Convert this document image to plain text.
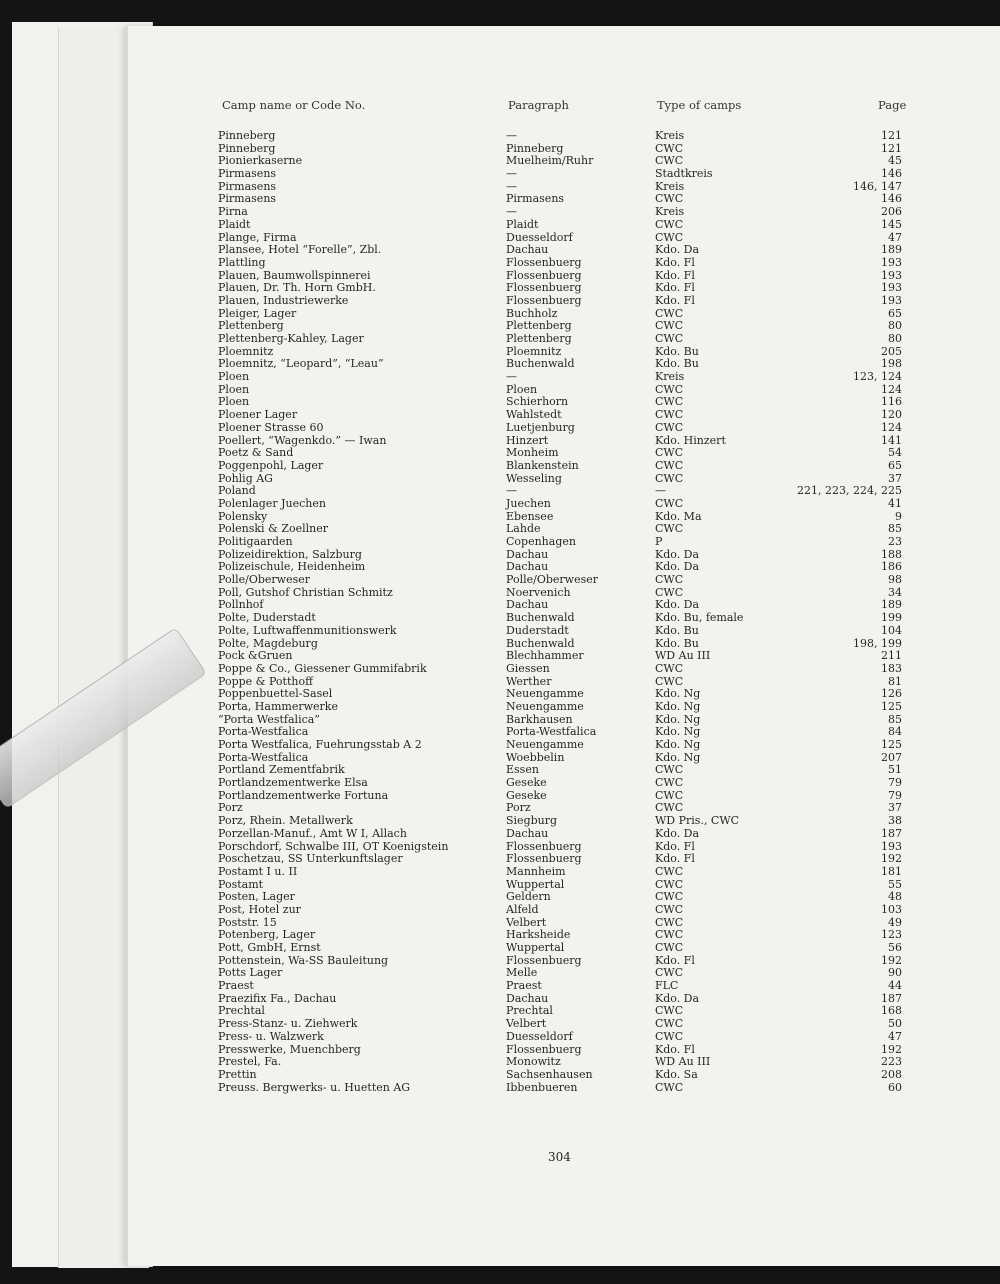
Camp name or Code No.	Paragraph	Type of camps	Page
Pinneberg	—	Kreis	121
Pinneberg	Pinneberg	CWC	121
Pionierkaserne	Muelheim/Ruhr	CWC	45
Pirmasens	—	Stadtkreis	146
Pirmasens	—	Kreis	146, 147
Pirmasens	Pirmasens	CWC	146
Pirna	—	Kreis	206
Plaidt	Plaidt	CWC	145
Plange, Firma	Duesseldorf	CWC	47
Plansee, Hotel “Forelle”, Zbl.	Dachau	Kdo. Da	189
Plattling	Flossenbuerg	Kdo. Fl	193
Plauen, Baumwollspinnerei	Flossenbuerg	Kdo. Fl	193
Plauen, Dr. Th. Horn GmbH.	Flossenbuerg	Kdo. Fl	193
Plauen, Industriewerke	Flossenbuerg	Kdo. Fl	193
Pleiger, Lager	Buchholz	CWC	65
Plettenberg	Plettenberg	CWC	80
Plettenberg-Kahley, Lager	Plettenberg	CWC	80
Ploemnitz	Ploemnitz	Kdo. Bu	205
Ploemnitz, “Leopard”, “Leau”	Buchenwald	Kdo. Bu	198
Ploen	—	Kreis	123, 124
Ploen	Ploen	CWC	124
Ploen	Schierhorn	CWC	116
Ploener Lager	Wahlstedt	CWC	120
Ploener Strasse 60	Luetjenburg	CWC	124
Poellert, “Wagenkdo.” — Iwan	Hinzert	Kdo. Hinzert	141
Poetz & Sand	Monheim	CWC	54
Poggenpohl, Lager	Blankenstein	CWC	65
Pohlig AG	Wesseling	CWC	37
Poland	—	—	221, 223, 224, 225
Polenlager Juechen	Juechen	CWC	41
Polensky	Ebensee	Kdo. Ma	9
Polenski & Zoellner	Lahde	CWC	85
Politigaarden	Copenhagen	P	23
Polizeidirektion, Salzburg	Dachau	Kdo. Da	188
Polizeischule, Heidenheim	Dachau	Kdo. Da	186
Polle/Oberweser	Polle/Oberweser	CWC	98
Poll, Gutshof Christian Schmitz	Noervenich	CWC	34
Pollnhof	Dachau	Kdo. Da	189
Polte, Duderstadt	Buchenwald	Kdo. Bu, female	199
Polte, Luftwaffenmunitionswerk	Duderstadt	Kdo. Bu	104
Polte, Magdeburg	Buchenwald	Kdo. Bu	198, 199
Pock &Gruen	Blechhammer	WD Au III	211
Poppe & Co., Giessener Gummifabrik	Giessen	CWC	183
Poppe & Potthoff	Werther	CWC	81
Poppenbuettel-Sasel	Neuengamme	Kdo. Ng	126
Porta, Hammerwerke	Neuengamme	Kdo. Ng	125
“Porta Westfalica”	Barkhausen	Kdo. Ng	85
Porta-Westfalica	Porta-Westfalica	Kdo. Ng	84
Porta Westfalica, Fuehrungsstab A 2	Neuengamme	Kdo. Ng	125
Porta-Westfalica	Woebbelin	Kdo. Ng	207
Portland Zementfabrik	Essen	CWC	51
Portlandzementwerke Elsa	Geseke	CWC	79
Portlandzementwerke Fortuna	Geseke	CWC	79
Porz	Porz	CWC	37
Porz, Rhein. Metallwerk	Siegburg	WD Pris., CWC	38
Porzellan-Manuf., Amt W I, Allach	Dachau	Kdo. Da	187
Porschdorf, Schwalbe III, OT Koenigstein	Flossenbuerg	Kdo. Fl	193
Poschetzau, SS Unterkunftslager	Flossenbuerg	Kdo. Fl	192
Postamt I u. II	Mannheim	CWC	181
Postamt	Wuppertal	CWC	55
Posten, Lager	Geldern	CWC	48
Post, Hotel zur	Alfeld	CWC	103
Poststr. 15	Velbert	CWC	49
Potenberg, Lager	Harksheide	CWC	123
Pott, GmbH, Ernst	Wuppertal	CWC	56
Pottenstein, Wa-SS Bauleitung	Flossenbuerg	Kdo. Fl	192
Potts Lager	Melle	CWC	90
Praest	Praest	FLC	44
Praezifix Fa., Dachau	Dachau	Kdo. Da	187
Prechtal	Prechtal	CWC	168
Press-Stanz- u. Ziehwerk	Velbert	CWC	50
Press- u. Walzwerk	Duesseldorf	CWC	47
Presswerke, Muenchberg	Flossenbuerg	Kdo. Fl	192
Prestel, Fa.	Monowitz	WD Au III	223
Prettin	Sachsenhausen	Kdo. Sa	208
Preuss. Bergwerks- u. Huetten AG	Ibbenbueren	CWC	60
304
